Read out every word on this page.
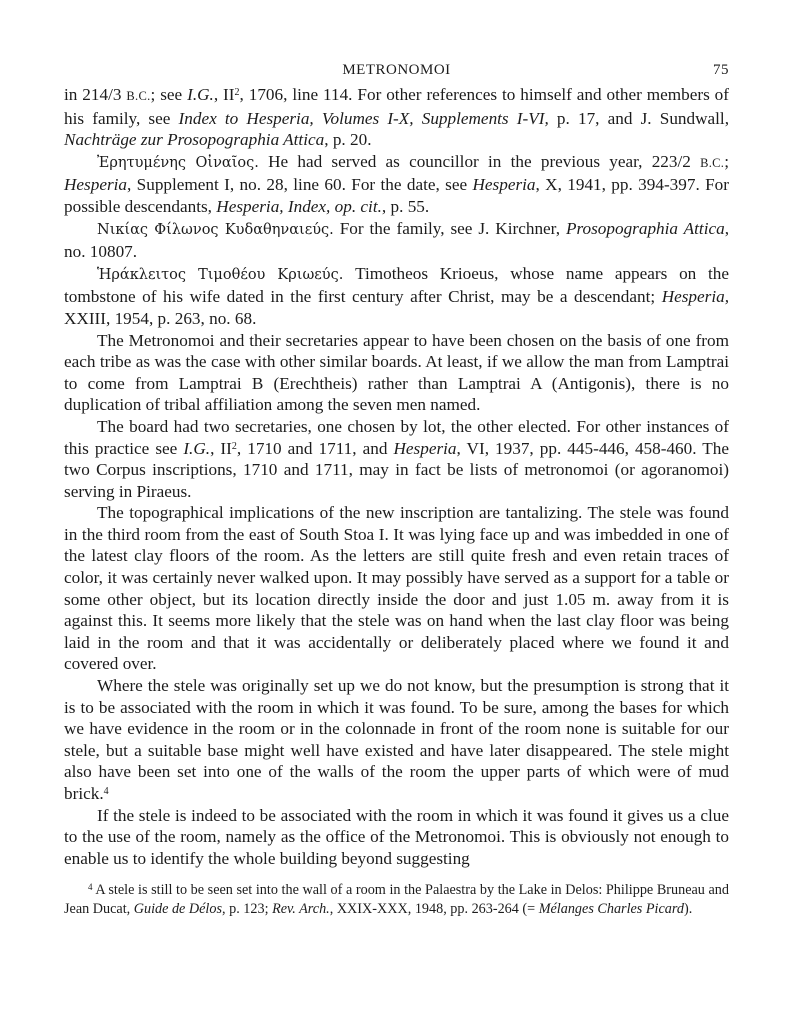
METRONOMOI	75

in 214/3 B.C.; see I.G., $II^2$, 1706, line 114. For other references to himself and other members of his family, see Index to Hesperia, Volumes I-X, Supplements I-VI, p. 17, and J. Sundwall, Nachträge zur Prosopographia Attica, p. 20.

Ἐρητυμένης Οἰναῖος. He had served as councillor in the previous year, 223/2 B.C.; Hesperia, Supplement I, no. 28, line 60. For the date, see Hesperia, X, 1941, pp. 394-397. For possible descendants, Hesperia, Index, op. cit., p. 55.

Νικίας Φίλωνος Κυδαθηναιεύς. For the family, see J. Kirchner, Prosopographia Attica, no. 10807.

Ἡράκλειτος Τιμοθέου Κριωεύς. Timotheos Krioeus, whose name appears on the tombstone of his wife dated in the first century after Christ, may be a descendant; Hesperia, XXIII, 1954, p. 263, no. 68.

The Metronomoi and their secretaries appear to have been chosen on the basis of one from each tribe as was the case with other similar boards. At least, if we allow the man from Lamptrai to come from Lamptrai B (Erechtheis) rather than Lamptrai A (Antigonis), there is no duplication of tribal affiliation among the seven men named.

The board had two secretaries, one chosen by lot, the other elected. For other instances of this practice see I.G., $II^2$, 1710 and 1711, and Hesperia, VI, 1937, pp. 445-446, 458-460. The two Corpus inscriptions, 1710 and 1711, may in fact be lists of metronomoi (or agoranomoi) serving in Piraeus.

The topographical implications of the new inscription are tantalizing. The stele was found in the third room from the east of South Stoa I. It was lying face up and was imbedded in one of the latest clay floors of the room. As the letters are still quite fresh and even retain traces of color, it was certainly never walked upon. It may possibly have served as a support for a table or some other object, but its location directly inside the door and just 1.05 m. away from it is against this. It seems more likely that the stele was on hand when the last clay floor was being laid in the room and that it was accidentally or deliberately placed where we found it and covered over.

Where the stele was originally set up we do not know, but the presumption is strong that it is to be associated with the room in which it was found. To be sure, among the bases for which we have evidence in the room or in the colonnade in front of the room none is suitable for our stele, but a suitable base might well have existed and have later disappeared. The stele might also have been set into one of the walls of the room the upper parts of which were of mud brick.$^4$

If the stele is indeed to be associated with the room in which it was found it gives us a clue to the use of the room, namely as the office of the Metronomoi. This is obviously not enough to enable us to identify the whole building beyond suggesting

$^4$ A stele is still to be seen set into the wall of a room in the Palaestra by the Lake in Delos: Philippe Bruneau and Jean Ducat, Guide de Délos, p. 123; Rev. Arch., XXIX-XXX, 1948, pp. 263-264 (= Mélanges Charles Picard).
